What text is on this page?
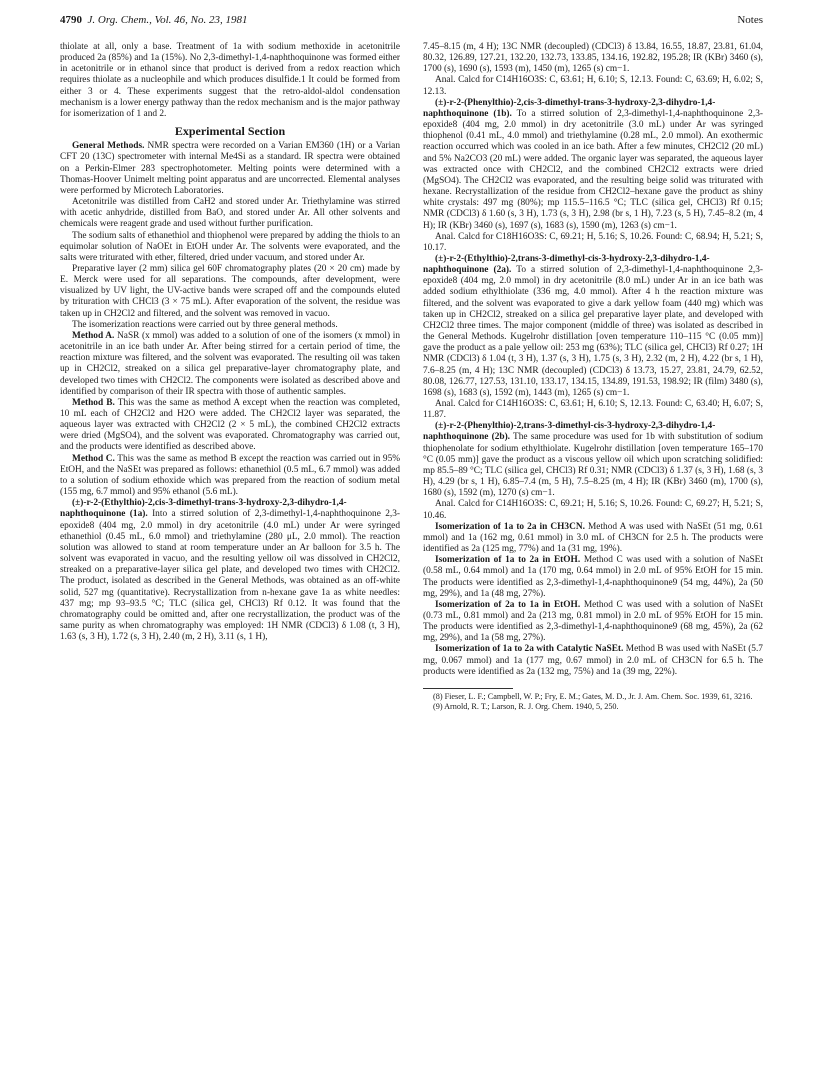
4790 J. Org. Chem., Vol. 46, No. 23, 1981	Notes

thiolate at all, only a base. Treatment of 1a with sodium methoxide in acetonitrile produced 2a (85%) and 1a (15%). No 2,3-dimethyl-1,4-naphthoquinone was formed either in acetonitrile or in ethanol since that product is derived from a redox reaction which requires thiolate as a nucleophile and which produces disulfide.1 It could be formed from either 3 or 4. These experiments suggest that the retro-aldol-aldol condensation mechanism is a lower energy pathway than the redox mechanism and is the major pathway for isomerization of 1 and 2.

Experimental Section

General Methods. NMR spectra were recorded on a Varian EM360 (1H) or a Varian CFT 20 (13C) spectrometer with internal Me4Si as a standard. IR spectra were obtained on a Perkin-Elmer 283 spectrophotometer. Melting points were determined with a Thomas-Hoover Unimelt melting point apparatus and are uncorrected. Elemental analyses were performed by Microtech Laboratories.

Acetonitrile was distilled from CaH2 and stored under Ar. Triethylamine was stirred with acetic anhydride, distilled from BaO, and stored under Ar. All other solvents and chemicals were reagent grade and used without further purification.

The sodium salts of ethanethiol and thiophenol were prepared by adding the thiols to an equimolar solution of NaOEt in EtOH under Ar. The solvents were evaporated, and the salts were triturated with ether, filtered, dried under vacuum, and stored under Ar.

Preparative layer (2 mm) silica gel 60F chromatography plates (20 × 20 cm) made by E. Merck were used for all separations. The compounds, after development, were visualized by UV light, the UV-active bands were scraped off and the compounds eluted by trituration with CHCl3 (3 × 75 mL). After evaporation of the solvent, the residue was taken up in CH2Cl2 and filtered, and the solvent was removed in vacuo.

The isomerization reactions were carried out by three general methods.

Method A. NaSR (x mmol) was added to a solution of one of the isomers (x mmol) in acetonitrile in an ice bath under Ar. After being stirred for a certain period of time, the reaction mixture was filtered, and the solvent was evaporated. The resulting oil was taken up in CH2Cl2, streaked on a silica gel preparative-layer chromatography plate, and developed two times with CH2Cl2. The components were isolated as described above and identified by comparison of their IR spectra with those of authentic samples.

Method B. This was the same as method A except when the reaction was completed, 10 mL each of CH2Cl2 and H2O were added. The CH2Cl2 layer was separated, the aqueous layer was extracted with CH2Cl2 (2 × 5 mL), the combined CH2Cl2 extracts were dried (MgSO4), and the solvent was evaporated. Chromatography was carried out, and the products were identified as described above.

Method C. This was the same as method B except the reaction was carried out in 95% EtOH, and the NaSEt was prepared as follows: ethanethiol (0.5 mL, 6.7 mmol) was added to a solution of sodium ethoxide which was prepared from the reaction of sodium metal (155 mg, 6.7 mmol) and 95% ethanol (5.6 mL).

(±)-r-2-(Ethylthio)-2,cis-3-dimethyl-trans-3-hydroxy-2,3-dihydro-1,4-naphthoquinone (1a). Into a stirred solution of 2,3-dimethyl-1,4-naphthoquinone 2,3-epoxide8 (404 mg, 2.0 mmol) in dry acetonitrile (4.0 mL) under Ar were syringed ethanethiol (0.45 mL, 6.0 mmol) and triethylamine (280 μL, 2.0 mmol). The reaction solution was allowed to stand at room temperature under an Ar balloon for 3.5 h. The solvent was evaporated in vacuo, and the resulting yellow oil was dissolved in CH2Cl2, streaked on a preparative-layer silica gel plate, and developed two times with CH2Cl2. The product, isolated as described in the General Methods, was obtained as an off-white solid, 527 mg (quantitative). Recrystallization from n-hexane gave 1a as white needles: 437 mg; mp 93–93.5 °C; TLC (silica gel, CHCl3) Rf 0.12. It was found that the chromatography could be omitted and, after one recrystallization, the product was of the same purity as when chromatography was employed: 1H NMR (CDCl3) δ 1.08 (t, 3 H), 1.63 (s, 3 H), 1.72 (s, 3 H), 2.40 (m, 2 H), 3.11 (s, 1 H),

7.45–8.15 (m, 4 H); 13C NMR (decoupled) (CDCl3) δ 13.84, 16.55, 18.87, 23.81, 61.04, 80.32, 126.89, 127.21, 132.20, 132.73, 133.85, 134.16, 192.82, 195.28; IR (KBr) 3460 (s), 1700 (s), 1690 (s), 1593 (m), 1450 (m), 1265 (s) cm−1.

Anal. Calcd for C14H16O3S: C, 63.61; H, 6.10; S, 12.13. Found: C, 63.69; H, 6.02; S, 12.13.

(±)-r-2-(Phenylthio)-2,cis-3-dimethyl-trans-3-hydroxy-2,3-dihydro-1,4-naphthoquinone (1b). To a stirred solution of 2,3-dimethyl-1,4-naphthoquinone 2,3-epoxide8 (404 mg, 2.0 mmol) in dry acetonitrile (3.0 mL) under Ar was syringed thiophenol (0.41 mL, 4.0 mmol) and triethylamine (0.28 mL, 2.0 mmol). An exothermic reaction occurred which was cooled in an ice bath. After a few minutes, CH2Cl2 (20 mL) and 5% Na2CO3 (20 mL) were added. The organic layer was separated, the aqueous layer was extracted once with CH2Cl2, and the combined CH2Cl2 extracts were dried (MgSO4). The CH2Cl2 was evaporated, and the resulting beige solid was triturated with hexane. Recrystallization of the residue from CH2Cl2–hexane gave the product as shiny white crystals: 497 mg (80%); mp 115.5–116.5 °C; TLC (silica gel, CHCl3) Rf 0.15; NMR (CDCl3) δ 1.60 (s, 3 H), 1.73 (s, 3 H), 2.98 (br s, 1 H), 7.23 (s, 5 H), 7.45–8.2 (m, 4 H); IR (KBr) 3460 (s), 1697 (s), 1683 (s), 1590 (m), 1263 (s) cm−1.

Anal. Calcd for C18H16O3S: C, 69.21; H, 5.16; S, 10.26. Found: C, 68.94; H, 5.21; S, 10.17.

(±)-r-2-(Ethylthio)-2,trans-3-dimethyl-cis-3-hydroxy-2,3-dihydro-1,4-naphthoquinone (2a). To a stirred solution of 2,3-dimethyl-1,4-naphthoquinone 2,3-epoxide8 (404 mg, 2.0 mmol) in dry acetonitrile (8.0 mL) under Ar in an ice bath was added sodium ethylthiolate (336 mg, 4.0 mmol). After 4 h the reaction mixture was filtered, and the solvent was evaporated to give a dark yellow foam (440 mg) which was taken up in CH2Cl2, streaked on a silica gel preparative layer plate, and developed with CH2Cl2 three times. The major component (middle of three) was isolated as described in the General Methods. Kugelrohr distillation [oven temperature 110–115 °C (0.05 mm)] gave the product as a pale yellow oil: 253 mg (63%); TLC (silica gel, CHCl3) Rf 0.27; 1H NMR (CDCl3) δ 1.04 (t, 3 H), 1.37 (s, 3 H), 1.75 (s, 3 H), 2.32 (m, 2 H), 4.22 (br s, 1 H), 7.6–8.25 (m, 4 H); 13C NMR (decoupled) (CDCl3) δ 13.73, 15.27, 23.81, 24.79, 62.52, 80.08, 126.77, 127.53, 131.10, 133.17, 134.15, 134.89, 191.53, 198.92; IR (film) 3480 (s), 1698 (s), 1683 (s), 1592 (m), 1443 (m), 1265 (s) cm−1.

Anal. Calcd for C14H16O3S: C, 63.61; H, 6.10; S, 12.13. Found: C, 63.40; H, 6.07; S, 11.87.

(±)-r-2-(Phenylthio)-2,trans-3-dimethyl-cis-3-hydroxy-2,3-dihydro-1,4-naphthoquinone (2b). The same procedure was used for 1b with substitution of sodium thiophenolate for sodium ethylthiolate. Kugelrohr distillation [oven temperature 165–170 °C (0.05 mm)] gave the product as a viscous yellow oil which upon scratching solidified: mp 85.5–89 °C; TLC (silica gel, CHCl3) Rf 0.31; NMR (CDCl3) δ 1.37 (s, 3 H), 1.68 (s, 3 H), 4.29 (br s, 1 H), 6.85–7.4 (m, 5 H), 7.5–8.25 (m, 4 H); IR (KBr) 3460 (m), 1700 (s), 1680 (s), 1592 (m), 1270 (s) cm−1.

Anal. Calcd for C14H16O3S: C, 69.21; H, 5.16; S, 10.26. Found: C, 69.27; H, 5.21; S, 10.46.

Isomerization of 1a to 2a in CH3CN. Method A was used with NaSEt (51 mg, 0.61 mmol) and 1a (162 mg, 0.61 mmol) in 3.0 mL of CH3CN for 2.5 h. The products were identified as 2a (125 mg, 77%) and 1a (31 mg, 19%).

Isomerization of 1a to 2a in EtOH. Method C was used with a solution of NaSEt (0.58 mL, 0.64 mmol) and 1a (170 mg, 0.64 mmol) in 2.0 mL of 95% EtOH for 15 min. The products were identified as 2,3-dimethyl-1,4-naphthoquinone9 (54 mg, 44%), 2a (50 mg, 29%), and 1a (48 mg, 27%).

Isomerization of 2a to 1a in EtOH. Method C was used with a solution of NaSEt (0.73 mL, 0.81 mmol) and 2a (213 mg, 0.81 mmol) in 2.0 mL of 95% EtOH for 15 min. The products were identified as 2,3-dimethyl-1,4-naphthoquinone9 (68 mg, 45%), 2a (62 mg, 29%), and 1a (58 mg, 27%).

Isomerization of 1a to 2a with Catalytic NaSEt. Method B was used with NaSEt (5.7 mg, 0.067 mmol) and 1a (177 mg, 0.67 mmol) in 2.0 mL of CH3CN for 6.5 h. The products were identified as 2a (132 mg, 75%) and 1a (39 mg, 22%).

(8) Fieser, L. F.; Campbell, W. P.; Fry, E. M.; Gates, M. D., Jr. J. Am. Chem. Soc. 1939, 61, 3216.

(9) Arnold, R. T.; Larson, R. J. Org. Chem. 1940, 5, 250.
